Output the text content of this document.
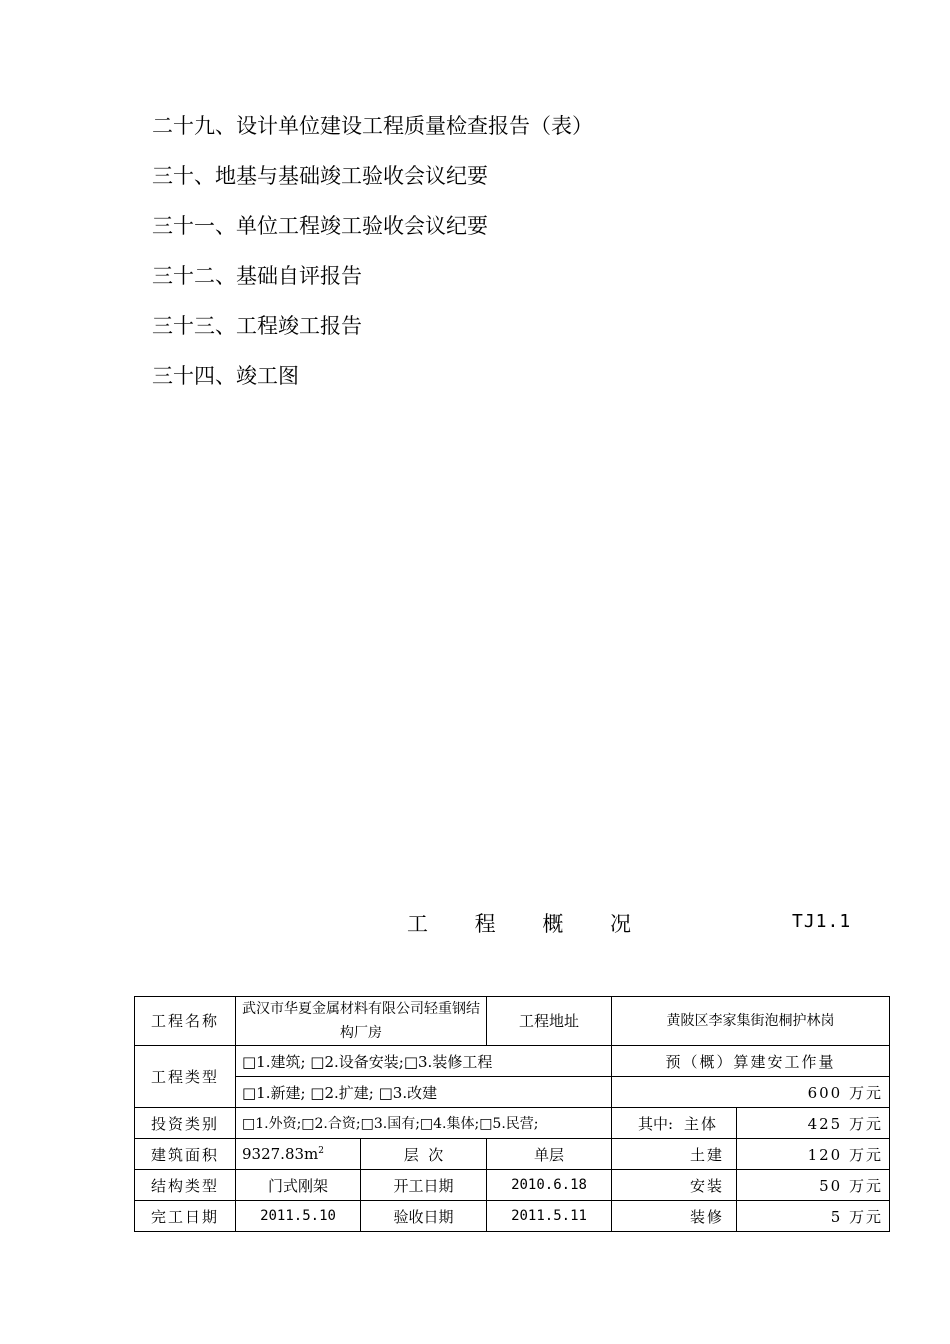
二十九、设计单位建设工程质量检查报告（表）
三十、地基与基础竣工验收会议纪要
三十一、单位工程竣工验收会议纪要
三十二、基础自评报告
三十三、工程竣工报告
三十四、竣工图
工 程 概 况	TJ1.1
工程名称	武汉市华夏金属材料有限公司轻重钢结构厂房		工程地址	黄陂区李家集街泡桐护林岗	
工程类型	□1.建筑; □2.设备安装;□3.装修工程			预（概）算建安工作量	
	□1.新建; □2.扩建; □3.改建			600 万元	
投资类别	□1.外资;□2.合资;□3.国有;□4.集体;□5.民营;			其中: 主体	425 万元
建筑面积	$9327.83m^2$	层  次	单层	土建	120 万元
结构类型	门式刚架	开工日期	2010.6.18	安装	50 万元
完工日期	2011.5.10	验收日期	2011.5.11	装修	5 万元
